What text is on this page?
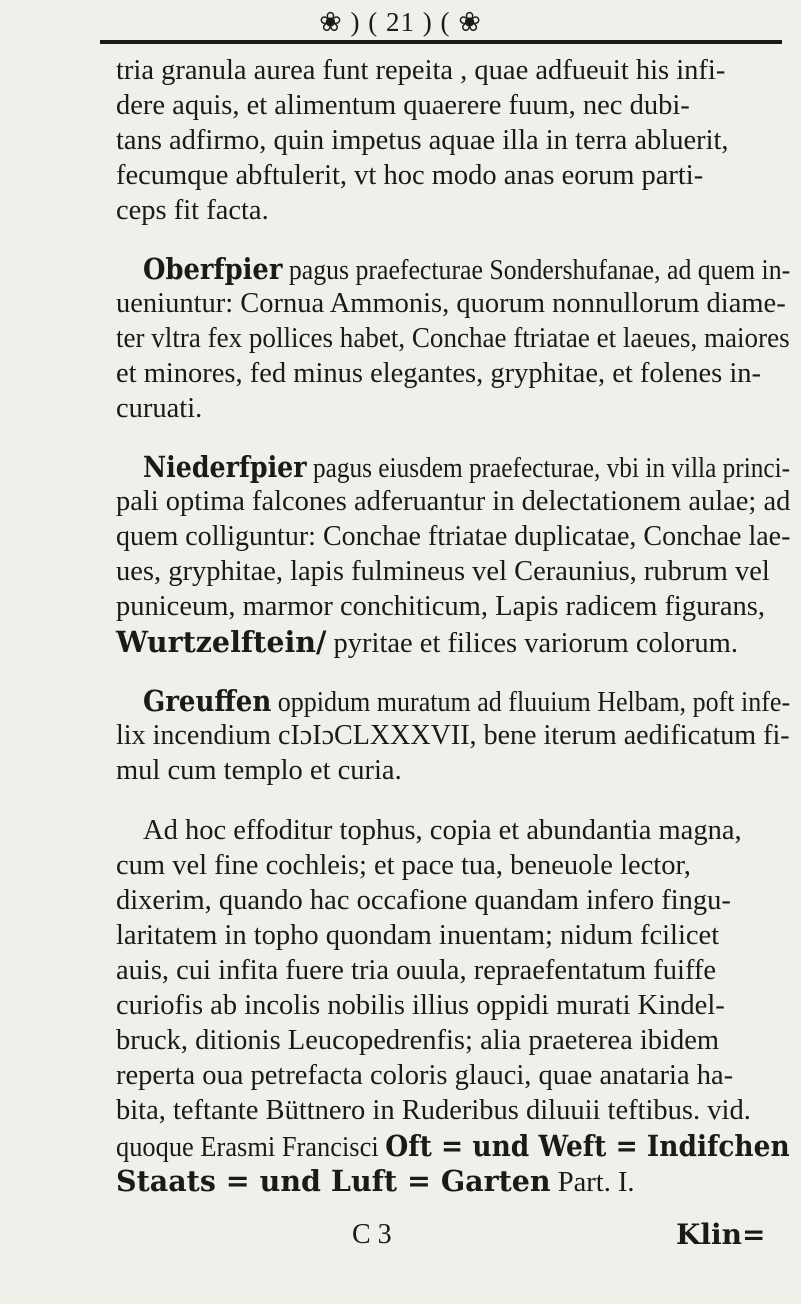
❀ ) ( 21 ) ( ❀
tria granula aurea funt repeita , quae adfueuit his infi-
dere aquis, et alimentum quaerere fuum, nec dubi-
tans adfirmo, quin impetus aquae illa in terra abluerit,
fecumque abftulerit, vt hoc modo anas eorum parti-
ceps fit facta.
Oberfpier pagus praefecturae Sondershufanae, ad quem in-
ueniuntur: Cornua Ammonis, quorum nonnullorum diame-
ter vltra fex pollices habet, Conchae ftriatae et laeues, maiores
et minores, fed minus elegantes, gryphitae, et folenes in-
curuati.
Niederfpier pagus eiusdem praefecturae, vbi in villa princi-
pali optima falcones adferuantur in delectationem aulae; ad
quem colliguntur: Conchae ftriatae duplicatae, Conchae lae-
ues, gryphitae, lapis fulmineus vel Ceraunius, rubrum vel
puniceum, marmor conchiticum, Lapis radicem figurans,
Wurtzelftein/ pyritae et filices variorum colorum.
Greuffen oppidum muratum ad fluuium Helbam, poft infe-
lix incendium cIɔIɔCLXXXVII, bene iterum aedificatum fi-
mul cum templo et curia.
Ad hoc effoditur tophus, copia et abundantia magna,
cum vel fine cochleis; et pace tua, beneuole lector,
dixerim, quando hac occafione quandam infero fingu-
laritatem in topho quondam inuentam; nidum fcilicet
auis, cui infita fuere tria ouula, repraefentatum fuiffe
curiofis ab incolis nobilis illius oppidi murati Kindel-
bruck, ditionis Leucopedrenfis; alia praeterea ibidem
reperta oua petrefacta coloris glauci, quae anataria ha-
bita, teftante Büttnero in Ruderibus diluuii teftibus. vid.
quoque Erasmi Francisci Oft = und Weft = Indifchen
Staats = und Luft = Garten Part. I.
C 3	Klin=
